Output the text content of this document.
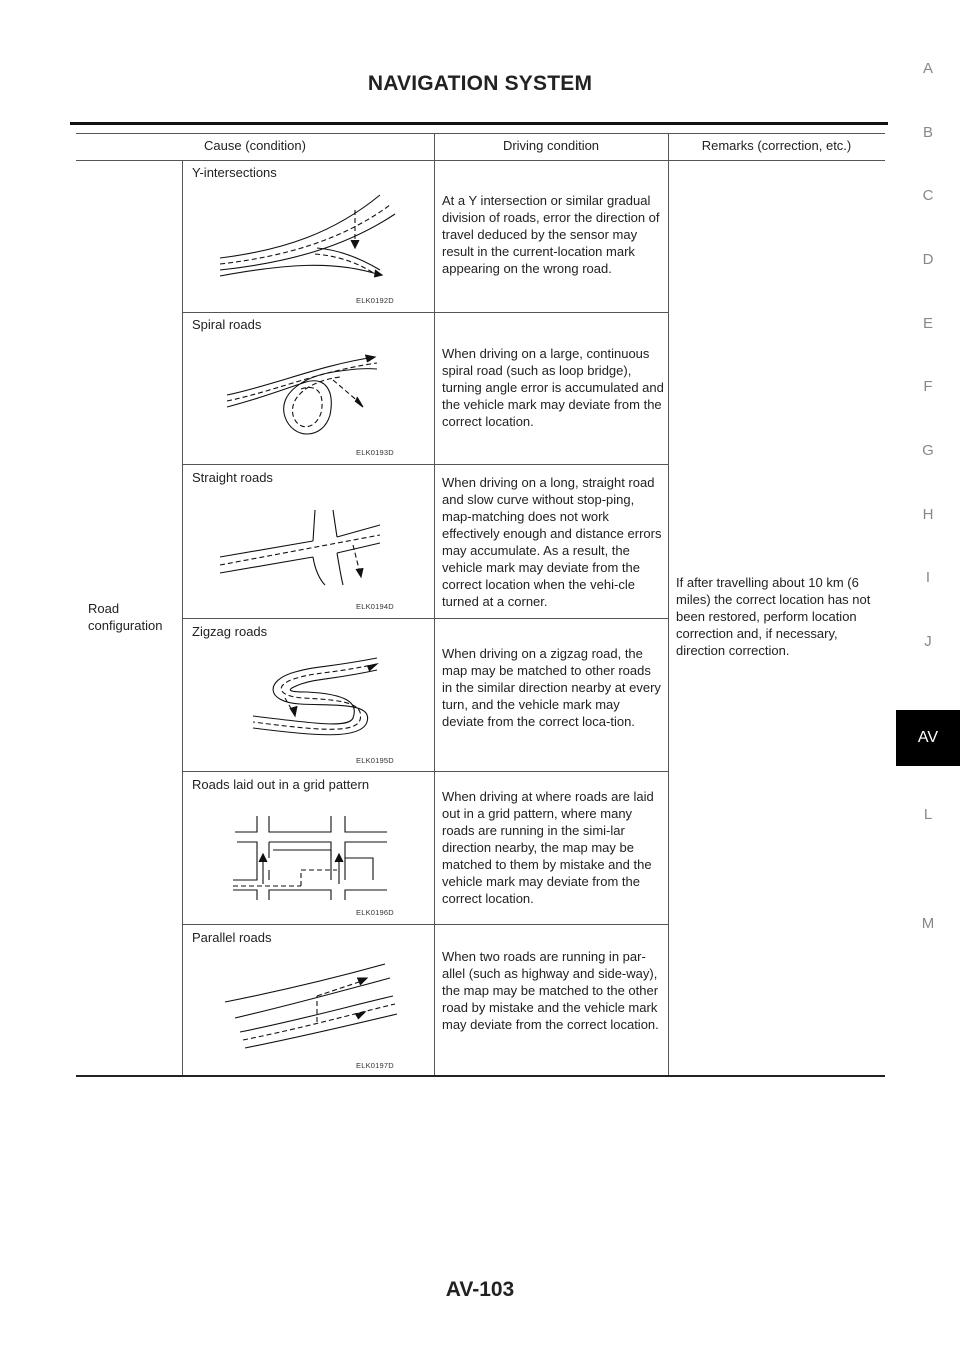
NAVIGATION SYSTEM
A
B
C
D
E
F
G
H
I
J
AV
L
M
Cause (condition)	Driving condition	Remarks (correction, etc.)
Road configuration
If after travelling about 10 km (6 miles) the correct location has not been restored, perform location correction and, if necessary, direction correction.
Y-intersections
ELK0192D
At a Y intersection or similar gradual division of roads, error the direction of travel deduced by the sensor may result in the current-location mark appearing on the wrong road.
Spiral roads
ELK0193D
When driving on a large, continuous spiral road (such as loop bridge), turning angle error is accumulated and the vehicle mark may deviate from the correct location.
Straight roads
ELK0194D
When driving on a long, straight road and slow curve without stop-ping, map-matching does not work effectively enough and distance errors may accumulate. As a result, the vehicle mark may deviate from the correct location when the vehi-cle turned at a corner.
Zigzag roads
ELK0195D
When driving on a zigzag road, the map may be matched to other roads in the similar direction nearby at every turn, and the vehicle mark may deviate from the correct loca-tion.
Roads laid out in a grid pattern
ELK0196D
When driving at where roads are laid out in a grid pattern, where many roads are running in the simi-lar direction nearby, the map may be matched to them by mistake and the vehicle mark may deviate from the correct location.
Parallel roads
ELK0197D
When two roads are running in par-allel (such as highway and side-way), the map may be matched to the other road by mistake and the vehicle mark may deviate from the correct location.
AV-103
